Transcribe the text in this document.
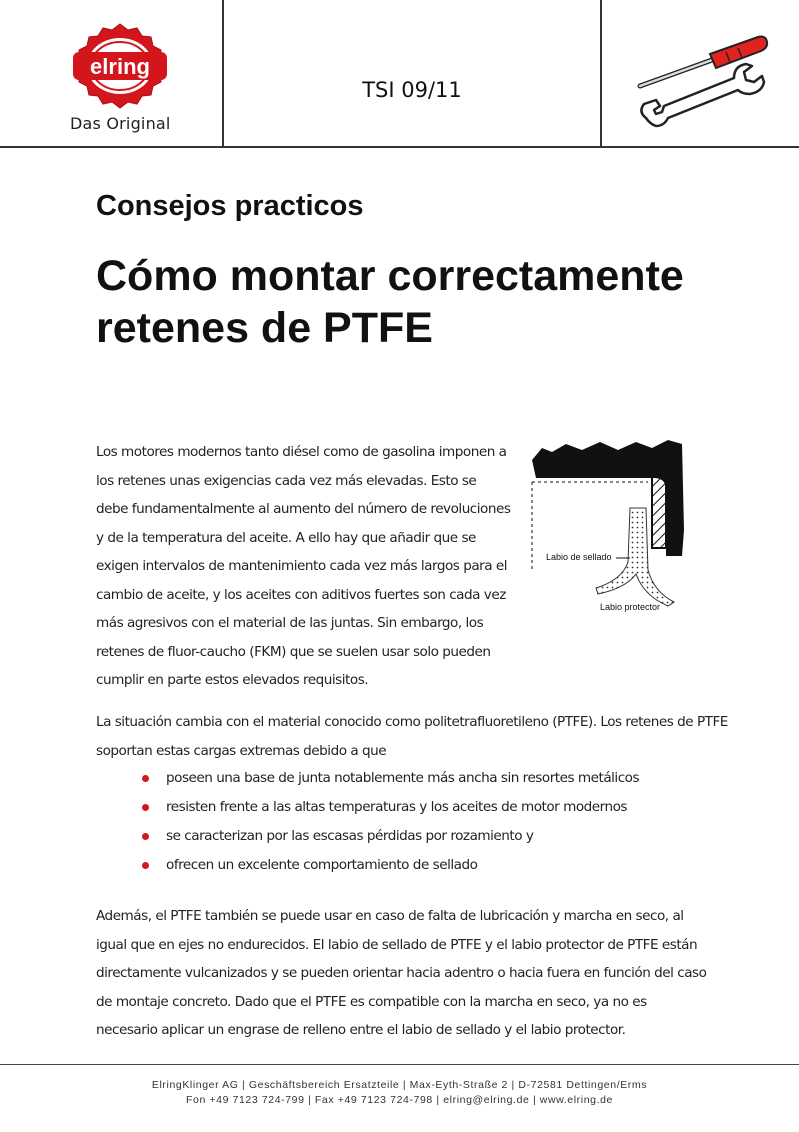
elring
Das Original
TSI 09/11
Consejos practicos
Cómo montar correctamente retenes de PTFE
Los motores modernos tanto diésel como de gasolina imponen a los retenes unas exigencias cada vez más elevadas. Esto se debe fundamentalmente al aumento del número de revoluciones y de la temperatura del aceite. A ello hay que añadir que se exigen intervalos de mantenimiento cada vez más largos para el cambio de aceite, y los aceites con aditivos fuertes son cada vez más agresivos con el material de las juntas. Sin embargo, los retenes de fluor-caucho (FKM) que se suelen usar solo pueden cumplir en parte estos elevados requisitos.
Labio de sellado
Labio protector
La situación cambia con el material conocido como politetrafluoretileno (PTFE). Los retenes de PTFE soportan estas cargas extremas debido a que
poseen una base de junta notablemente más ancha sin resortes metálicos
resisten frente a las altas temperaturas y los aceites de motor modernos
se caracterizan por las escasas pérdidas por rozamiento y
ofrecen un excelente comportamiento de sellado
Además, el PTFE también se puede usar en caso de falta de lubricación y marcha en seco, al igual que en ejes no endurecidos. El labio de sellado de PTFE y el labio protector de PTFE están directamente vulcanizados y se pueden orientar hacia adentro o hacia fuera en función del caso de montaje concreto. Dado que el PTFE es compatible con la marcha en seco, ya no es necesario aplicar un engrase de relleno entre el labio de sellado y el labio protector.
ElringKlinger AG | Geschäftsbereich Ersatzteile | Max-Eyth-Straße 2 | D-72581 Dettingen/Erms
Fon +49 7123 724-799 | Fax +49 7123 724-798 | elring@elring.de | www.elring.de
